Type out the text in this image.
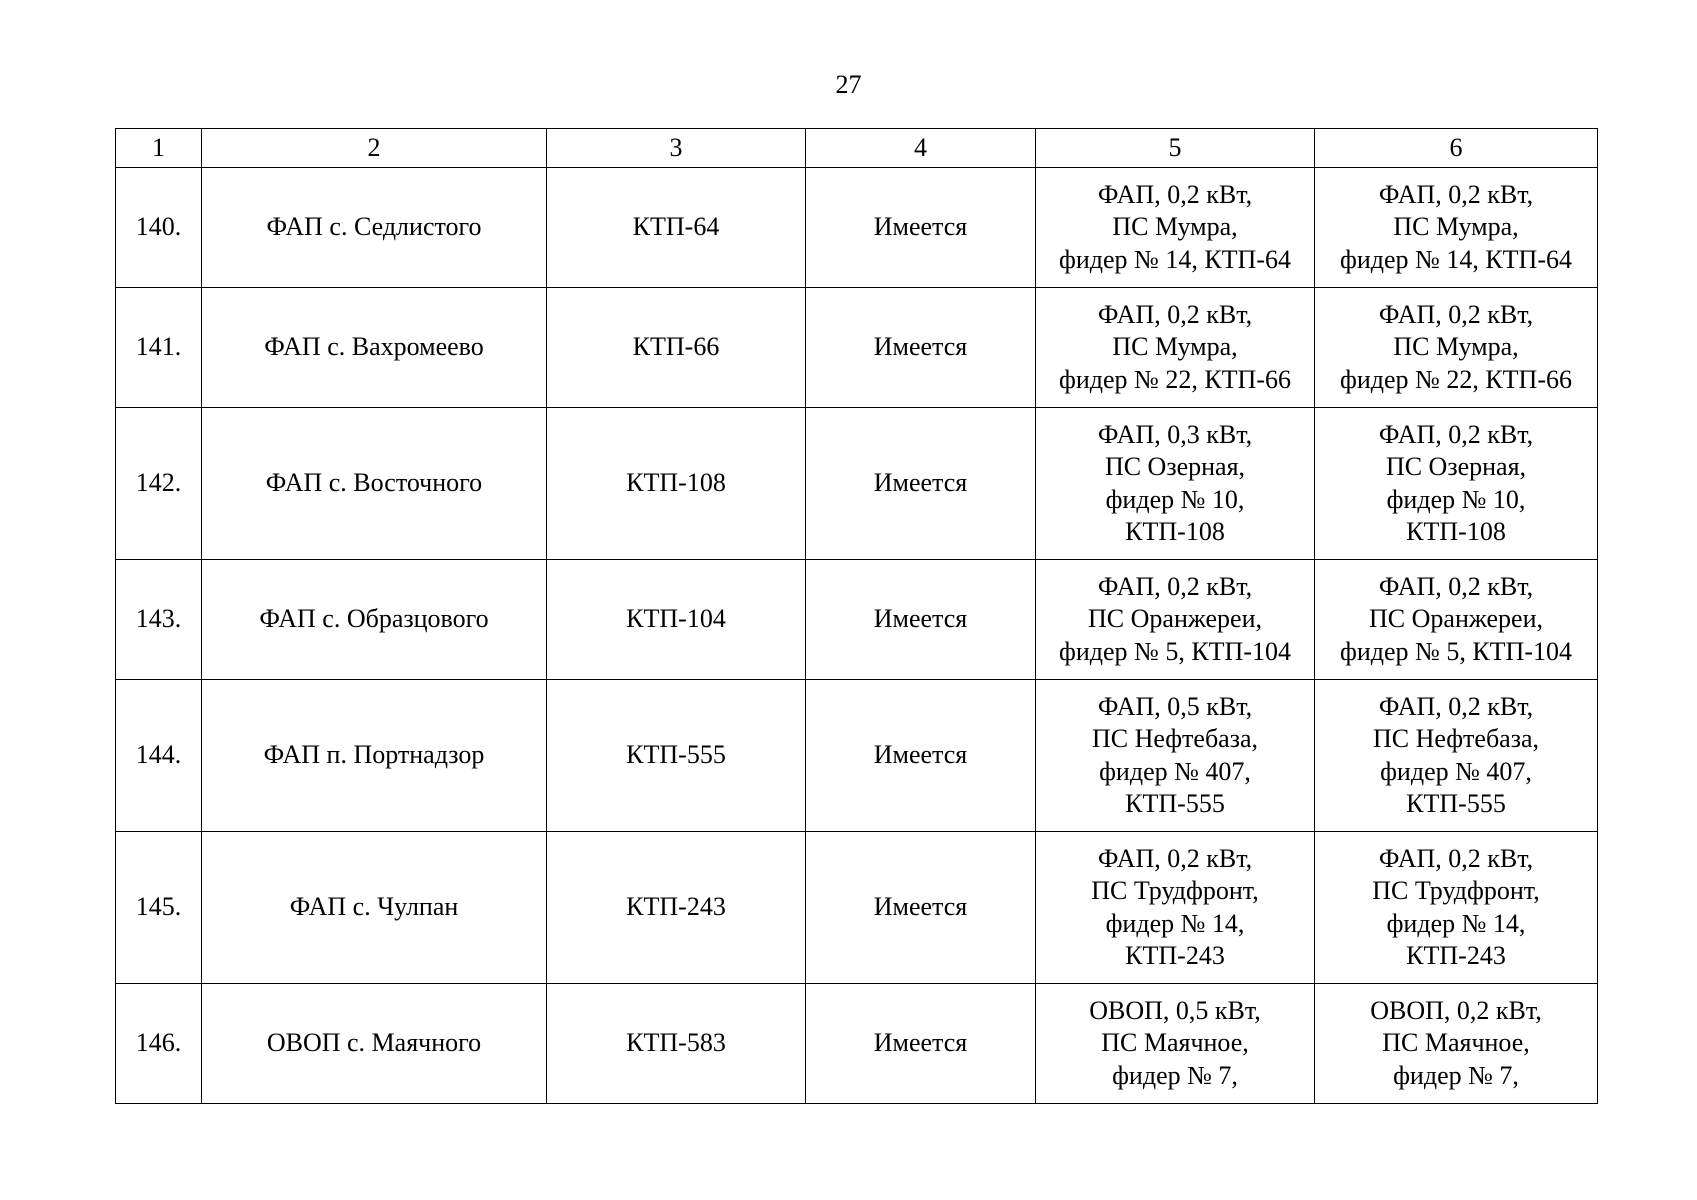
27
1	2	3	4	5	6
140.	ФАП с. Седлистого	КТП-64	Имеется	ФАП, 0,2 кВт,
ПС Мумра,
фидер № 14, КТП-64	ФАП, 0,2 кВт,
ПС Мумра,
фидер № 14, КТП-64

141.	ФАП с. Вахромеево	КТП-66	Имеется	ФАП, 0,2 кВт,
ПС Мумра,
фидер № 22, КТП-66	ФАП, 0,2 кВт,
ПС Мумра,
фидер № 22, КТП-66

142.	ФАП с. Восточного	КТП-108	Имеется	ФАП, 0,3 кВт,
ПС Озерная,
фидер № 10,
КТП-108	ФАП, 0,2 кВт,
ПС Озерная,
фидер № 10,
КТП-108

143.	ФАП с. Образцового	КТП-104	Имеется	ФАП, 0,2 кВт,
ПС Оранжереи,
фидер № 5, КТП-104	ФАП, 0,2 кВт,
ПС Оранжереи,
фидер № 5, КТП-104

144.	ФАП п. Портнадзор	КТП-555	Имеется	ФАП, 0,5 кВт,
ПС Нефтебаза,
фидер № 407,
КТП-555	ФАП, 0,2 кВт,
ПС Нефтебаза,
фидер № 407,
КТП-555

145.	ФАП с. Чулпан	КТП-243	Имеется	ФАП, 0,2 кВт,
ПС Трудфронт,
фидер № 14,
КТП-243	ФАП, 0,2 кВт,
ПС Трудфронт,
фидер № 14,
КТП-243

146.	ОВОП с. Маячного	КТП-583	Имеется	ОВОП, 0,5 кВт,
ПС Маячное,
фидер № 7,	ОВОП, 0,2 кВт,
ПС Маячное,
фидер № 7,
